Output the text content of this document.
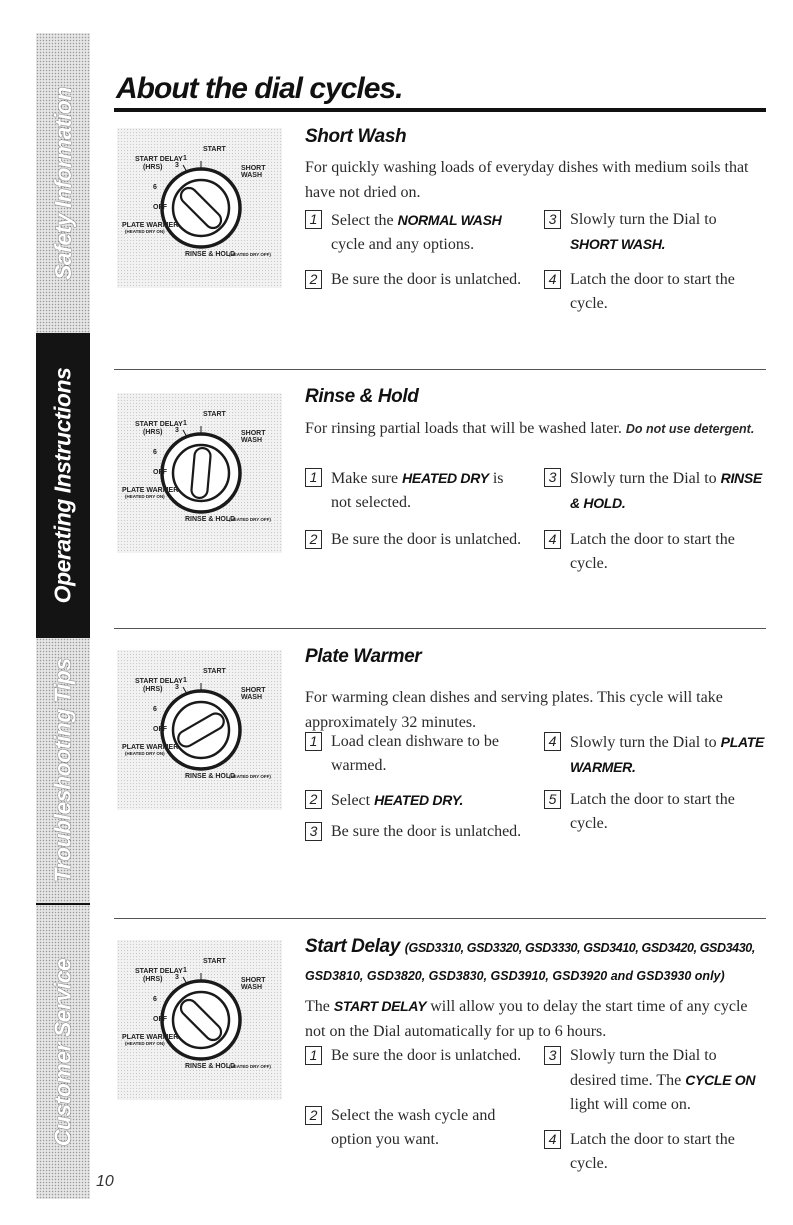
Safety Information
Operating Instructions
Troubleshooting Tips
Customer Service
About the dial cycles.
START
START DELAY
(HRS) 3
1
6
OFF
PLATE WARMER
(HEATED DRY ON)
SHORT WASH
RINSE & HOLD
(HEATED DRY OFF)
START
START DELAY
(HRS) 3
1
6
OFF
PLATE WARMER
(HEATED DRY ON)
SHORT WASH
RINSE & HOLD
(HEATED DRY OFF)
START
START DELAY
(HRS) 3
1
6
OFF
PLATE WARMER
(HEATED DRY ON)
SHORT WASH
RINSE & HOLD
(HEATED DRY OFF)
START
START DELAY
(HRS) 3
1
6
OFF
PLATE WARMER
(HEATED DRY ON)
SHORT WASH
RINSE & HOLD
(HEATED DRY OFF)
Short Wash

For quickly washing loads of everyday dishes with medium soils that have not dried on.

1 Select the NORMAL WASH cycle and any options.
2 Be sure the door is unlatched.
3 Slowly turn the Dial to SHORT WASH.
4 Latch the door to start the cycle.
Rinse & Hold

For rinsing partial loads that will be washed later. Do not use detergent.

1 Make sure HEATED DRY is not selected.
2 Be sure the door is unlatched.
3 Slowly turn the Dial to RINSE & HOLD.
4 Latch the door to start the cycle.
Plate Warmer

For warming clean dishes and serving plates. This cycle will take approximately 32 minutes.

1 Load clean dishware to be warmed.
2 Select HEATED DRY.
3 Be sure the door is unlatched.
4 Slowly turn the Dial to PLATE WARMER.
5 Latch the door to start the cycle.
Start Delay (GSD3310, GSD3320, GSD3330, GSD3410, GSD3420, GSD3430,
GSD3810, GSD3820, GSD3830, GSD3910, GSD3920 and GSD3930 only)

The START DELAY will allow you to delay the start time of any cycle not on the Dial automatically for up to 6 hours.

1 Be sure the door is unlatched.
2 Select the wash cycle and option you want.
3 Slowly turn the Dial to desired time. The CYCLE ON light will come on.
4 Latch the door to start the cycle.
10
